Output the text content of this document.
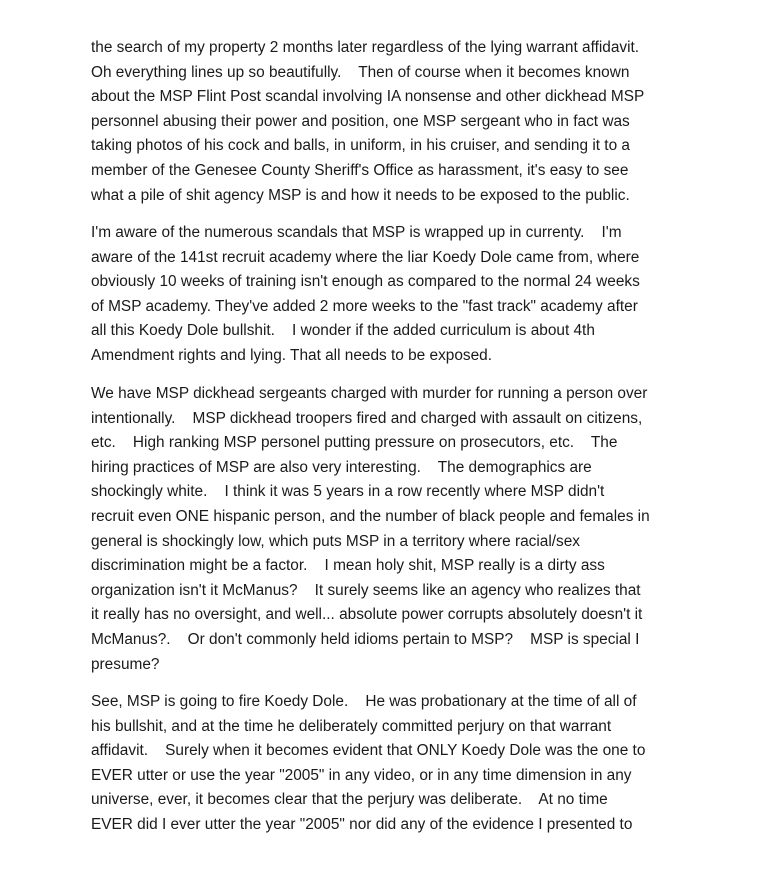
the search of my property 2 months later regardless of the lying warrant affidavit.
Oh everything lines up so beautifully.    Then of course when it becomes known
about the MSP Flint Post scandal involving IA nonsense and other dickhead MSP
personnel abusing their power and position, one MSP sergeant who in fact was
taking photos of his cock and balls, in uniform, in his cruiser, and sending it to a
member of the Genesee County Sheriff's Office as harassment, it's easy to see
what a pile of shit agency MSP is and how it needs to be exposed to the public.

I'm aware of the numerous scandals that MSP is wrapped up in currenty.    I'm
aware of the 141st recruit academy where the liar Koedy Dole came from, where
obviously 10 weeks of training isn't enough as compared to the normal 24 weeks
of MSP academy. They've added 2 more weeks to the "fast track" academy after
all this Koedy Dole bullshit.    I wonder if the added curriculum is about 4th
Amendment rights and lying. That all needs to be exposed.

We have MSP dickhead sergeants charged with murder for running a person over
intentionally.    MSP dickhead troopers fired and charged with assault on citizens,
etc.    High ranking MSP personel putting pressure on prosecutors, etc.    The
hiring practices of MSP are also very interesting.    The demographics are
shockingly white.    I think it was 5 years in a row recently where MSP didn't
recruit even ONE hispanic person, and the number of black people and females in
general is shockingly low, which puts MSP in a territory where racial/sex
discrimination might be a factor.    I mean holy shit, MSP really is a dirty ass
organization isn't it McManus?    It surely seems like an agency who realizes that
it really has no oversight, and well... absolute power corrupts absolutely doesn't it
McManus?.    Or don't commonly held idioms pertain to MSP?    MSP is special I
presume?

See, MSP is going to fire Koedy Dole.    He was probationary at the time of all of
his bullshit, and at the time he deliberately committed perjury on that warrant
affidavit.    Surely when it becomes evident that ONLY Koedy Dole was the one to
EVER utter or use the year "2005" in any video, or in any time dimension in any
universe, ever, it becomes clear that the perjury was deliberate.    At no time
EVER did I ever utter the year "2005" nor did any of the evidence I presented to
